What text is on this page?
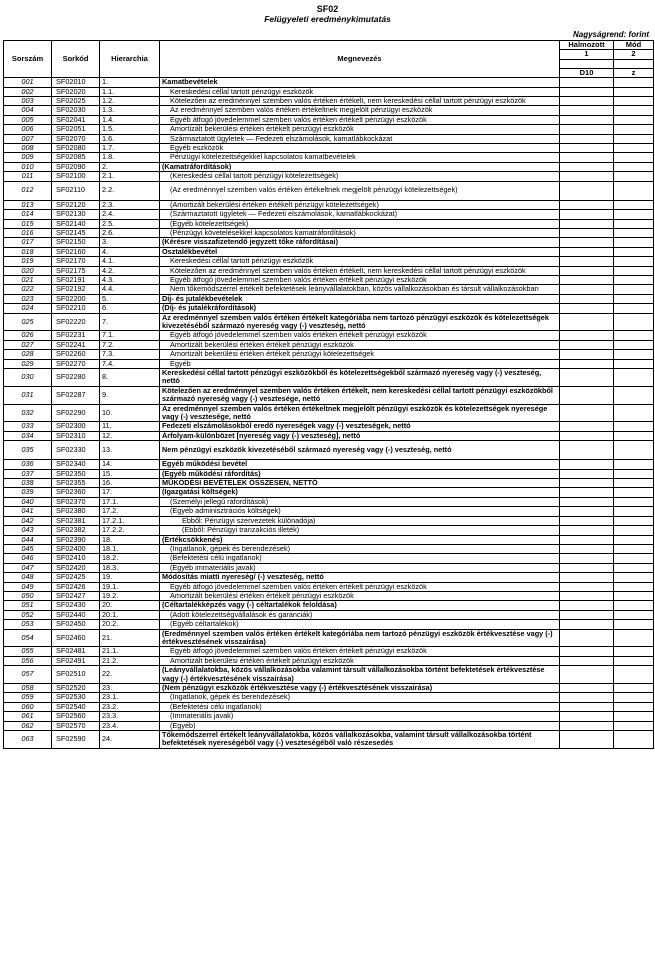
SF02
Felügyeleti eredménykimutatás
Nagyságrend: forint
Sorszám	Sorkód	Hierarchia	Megnevezés	Halmozott	Mód
				1	2

				D10	z
001	SF02010	1.	Kamatbevételek		
002	SF02020	1.1.	Kereskedési céllal tartott pénzügyi eszközök		
003	SF02025	1.2.	Kötelezően az eredménnyel szemben valós értéken értékelt, nem kereskedési céllal tartott pénzügyi eszközök		
004	SF02030	1.3.	Az eredménnyel szemben valós értéken értékeltnek megjelölt pénzügyi eszközök		
005	SF02041	1.4.	Egyéb átfogó jövedelemmel szemben valós értéken értékelt pénzügyi eszközök		
006	SF02051	1.5.	Amortizált bekerülési értéken értékelt pénzügyi eszközök		
007	SF02070	1.6.	Származtatott ügyletek — Fedezeti elszámolások, kamatlábkockázat		
008	SF02080	1.7.	Egyéb eszközök		
009	SF02085	1.8.	Pénzügyi kötelezettségekkel kapcsolatos kamatbevételek		
010	SF02090	2.	(Kamatráfordítások)		
011	SF02100	2.1.	(Kereskedési céllal tartott pénzügyi kötelezettségek)		
012	SF02110	2.2.	(Az eredménnyel szemben valós értéken értékeltnek megjelölt pénzügyi kötelezettségek)		
013	SF02120	2.3.	(Amortizált bekerülési értéken értékelt pénzügyi kötelezettségek)		
014	SF02130	2.4.	(Származtatott ügyletek — Fedezeti elszámolások, kamatlábkockázat)		
015	SF02140	2.5.	(Egyéb kötelezettségek)		
016	SF02145	2.6.	(Pénzügyi követelésekkel kapcsolatos kamatráfordítások)		
017	SF02150	3.	(Kérésre visszafizetendő jegyzett tőke ráfordításai)		
018	SF02160	4.	Osztalékbevétel		
019	SF02170	4.1.	Kereskedési céllal tartott pénzügyi eszközök		
020	SF02175	4.2.	Kötelezően az eredménnyel szemben valós értéken értékelt, nem kereskedési céllal tartott pénzügyi eszközök		
021	SF02191	4.3.	Egyéb átfogó jövedelemmel szemben valós értéken értékelt pénzügyi eszközök		
022	SF02192	4.4.	Nem tőkemódszerrel értékelt befektetések leányvállalatokban, közös vállalkozásokban és társult vállalkozásokban		
023	SF02200	5.	Díj- és jutalékbevételek		
024	SF02210	6.	(Díj- és jutalékráfordítások)		
025	SF02220	7.	Az eredménnyel szemben valós értéken értékelt kategóriába nem tartozó pénzügyi eszközök és kötelezettségek kivezetéséből származó nyereség vagy (-) veszteség, nettó		
026	SF02231	7.1.	Egyéb átfogó jövedelemmel szemben valós értéken értékelt pénzügyi eszközök		
027	SF02241	7.2.	Amortizált bekerülési értéken értékelt pénzügyi eszközök		
028	SF02260	7.3.	Amortizált bekerülési értéken értékelt pénzügyi kötelezettségek		
029	SF02270	7.4.	Egyéb		
030	SF02280	8.	Kereskedési céllal tartott pénzügyi eszközökből és kötelezettségekből származó nyereség vagy (-) veszteség, nettó		
031	SF02287	9.	Kötelezően az eredménnyel szemben valós értéken értékelt, nem kereskedési céllal tartott pénzügyi eszközökből származó nyereség vagy (-) vesztesége, nettó		
032	SF02290	10.	Az eredménnyel szemben valós értéken értékeltnek megjelölt pénzügyi eszközök és kötelezettségek nyeresége vagy (-) vesztesége, nettó		
033	SF02300	11.	Fedezeti elszámolásokból eredő nyereségek vagy (-) veszteségek, nettó		
034	SF02310	12.	Árfolyam-különbözet [nyereség vagy (-) veszteség], nettó		
035	SF02330	13.	Nem pénzügyi eszközök kivezetéséből származó nyereség vagy (-) veszteség, nettó		
036	SF02340	14.	Egyéb működési bevétel		
037	SF02350	15.	(Egyéb működési ráfordítás)		
038	SF02355	16.	MŰKÖDÉSI BEVÉTELEK ÖSSZESEN, NETTÓ		
039	SF02360	17.	(Igazgatási költségek)		
040	SF02370	17.1.	(Személyi jellegű ráfordítások)		
041	SF02380	17.2.	(Egyéb adminisztrációs költségek)		
042	SF02381	17.2.1.	Ebből: Pénzügyi szervezetek különadója)		
043	SF02382	17.2.2.	(Ebből: Pénzügyi tranzakciós illeték)		
044	SF02390	18.	(Értékcsökkenés)		
045	SF02400	18.1.	(Ingatlanok, gépek és berendezések)		
046	SF02410	18.2.	(Befektetési célú ingatlanok)		
047	SF02420	18.3.	(Egyéb immateriális javak)		
048	SF02425	19.	Módosítás miatti nyereség/ (-) veszteség, nettó		
049	SF02426	19.1.	Egyéb átfogó jövedelemmel szemben valós értéken értékelt pénzügyi eszközök		
050	SF02427	19.2.	Amortizált bekerülési értéken értékelt pénzügyi eszközök		
051	SF02430	20.	(Céltartalékképzés vagy (-) céltartalékok feloldása)		
052	SF02440	20.1.	(Adott kötelezettségvállalások és garanciák)		
053	SF02450	20.2.	(Egyéb céltartalékok)		
054	SF02460	21.	(Eredménnyel szemben valós értéken értékelt kategóriába nem tartozó pénzügyi eszközök értékvesztése vagy (-) értékvesztésének visszaírása)		
055	SF02481	21.1.	Egyéb átfogó jövedelemmel szemben valós értéken értékelt pénzügyi eszközök		
056	SF02491	21.2.	Amortizált bekerülési értéken értékelt pénzügyi eszközök		
057	SF02510	22.	(Leányvállalatokba, közös vállalkozásokba valamint társult vállalkozásokba történt befektetések értékvesztése vagy (-) értékvesztésének visszaírása)		
058	SF02520	23.	(Nem pénzügyi eszközök értékvesztése vagy (-) értékvesztésének visszaírása)		
059	SF02530	23.1.	(Ingatlanok, gépek és berendezések)		
060	SF02540	23.2.	(Befektetési célú ingatlanok)		
061	SF02560	23.3.	(Immateriális javak)		
062	SF02570	23.4.	(Egyéb)		
063	SF02590	24.	Tőkemódszerrel értékelt leányvállalatokba, közös vállalkozásokba, valamint társult vállalkozásokba történt befektetések nyereségéből vagy (-) veszteségéből való részesedés		
